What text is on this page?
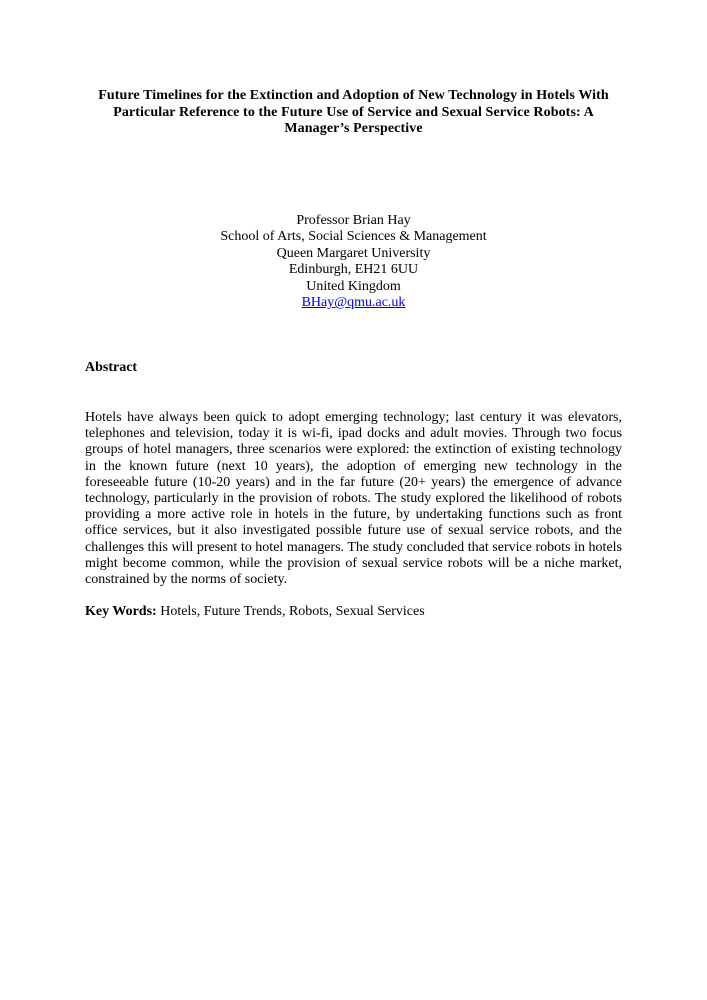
Future Timelines for the Extinction and Adoption of New Technology in Hotels With Particular Reference to the Future Use of Service and Sexual Service Robots: A Manager’s Perspective
Professor Brian Hay
School of Arts, Social Sciences & Management
Queen Margaret University
Edinburgh, EH21 6UU
United Kingdom
BHay@qmu.ac.uk
Abstract

Hotels have always been quick to adopt emerging technology; last century it was elevators, telephones and television, today it is wi-fi, ipad docks and adult movies. Through two focus groups of hotel managers, three scenarios were explored: the extinction of existing technology in the known future (next 10 years), the adoption of emerging new technology in the foreseeable future (10-20 years) and in the far future (20+ years) the emergence of advance technology, particularly in the provision of robots. The study explored the likelihood of robots providing a more active role in hotels in the future, by undertaking functions such as front office services, but it also investigated possible future use of sexual service robots, and the challenges this will present to hotel managers. The study concluded that service robots in hotels might become common, while the provision of sexual service robots will be a niche market, constrained by the norms of society.

Key Words: Hotels, Future Trends, Robots, Sexual Services
